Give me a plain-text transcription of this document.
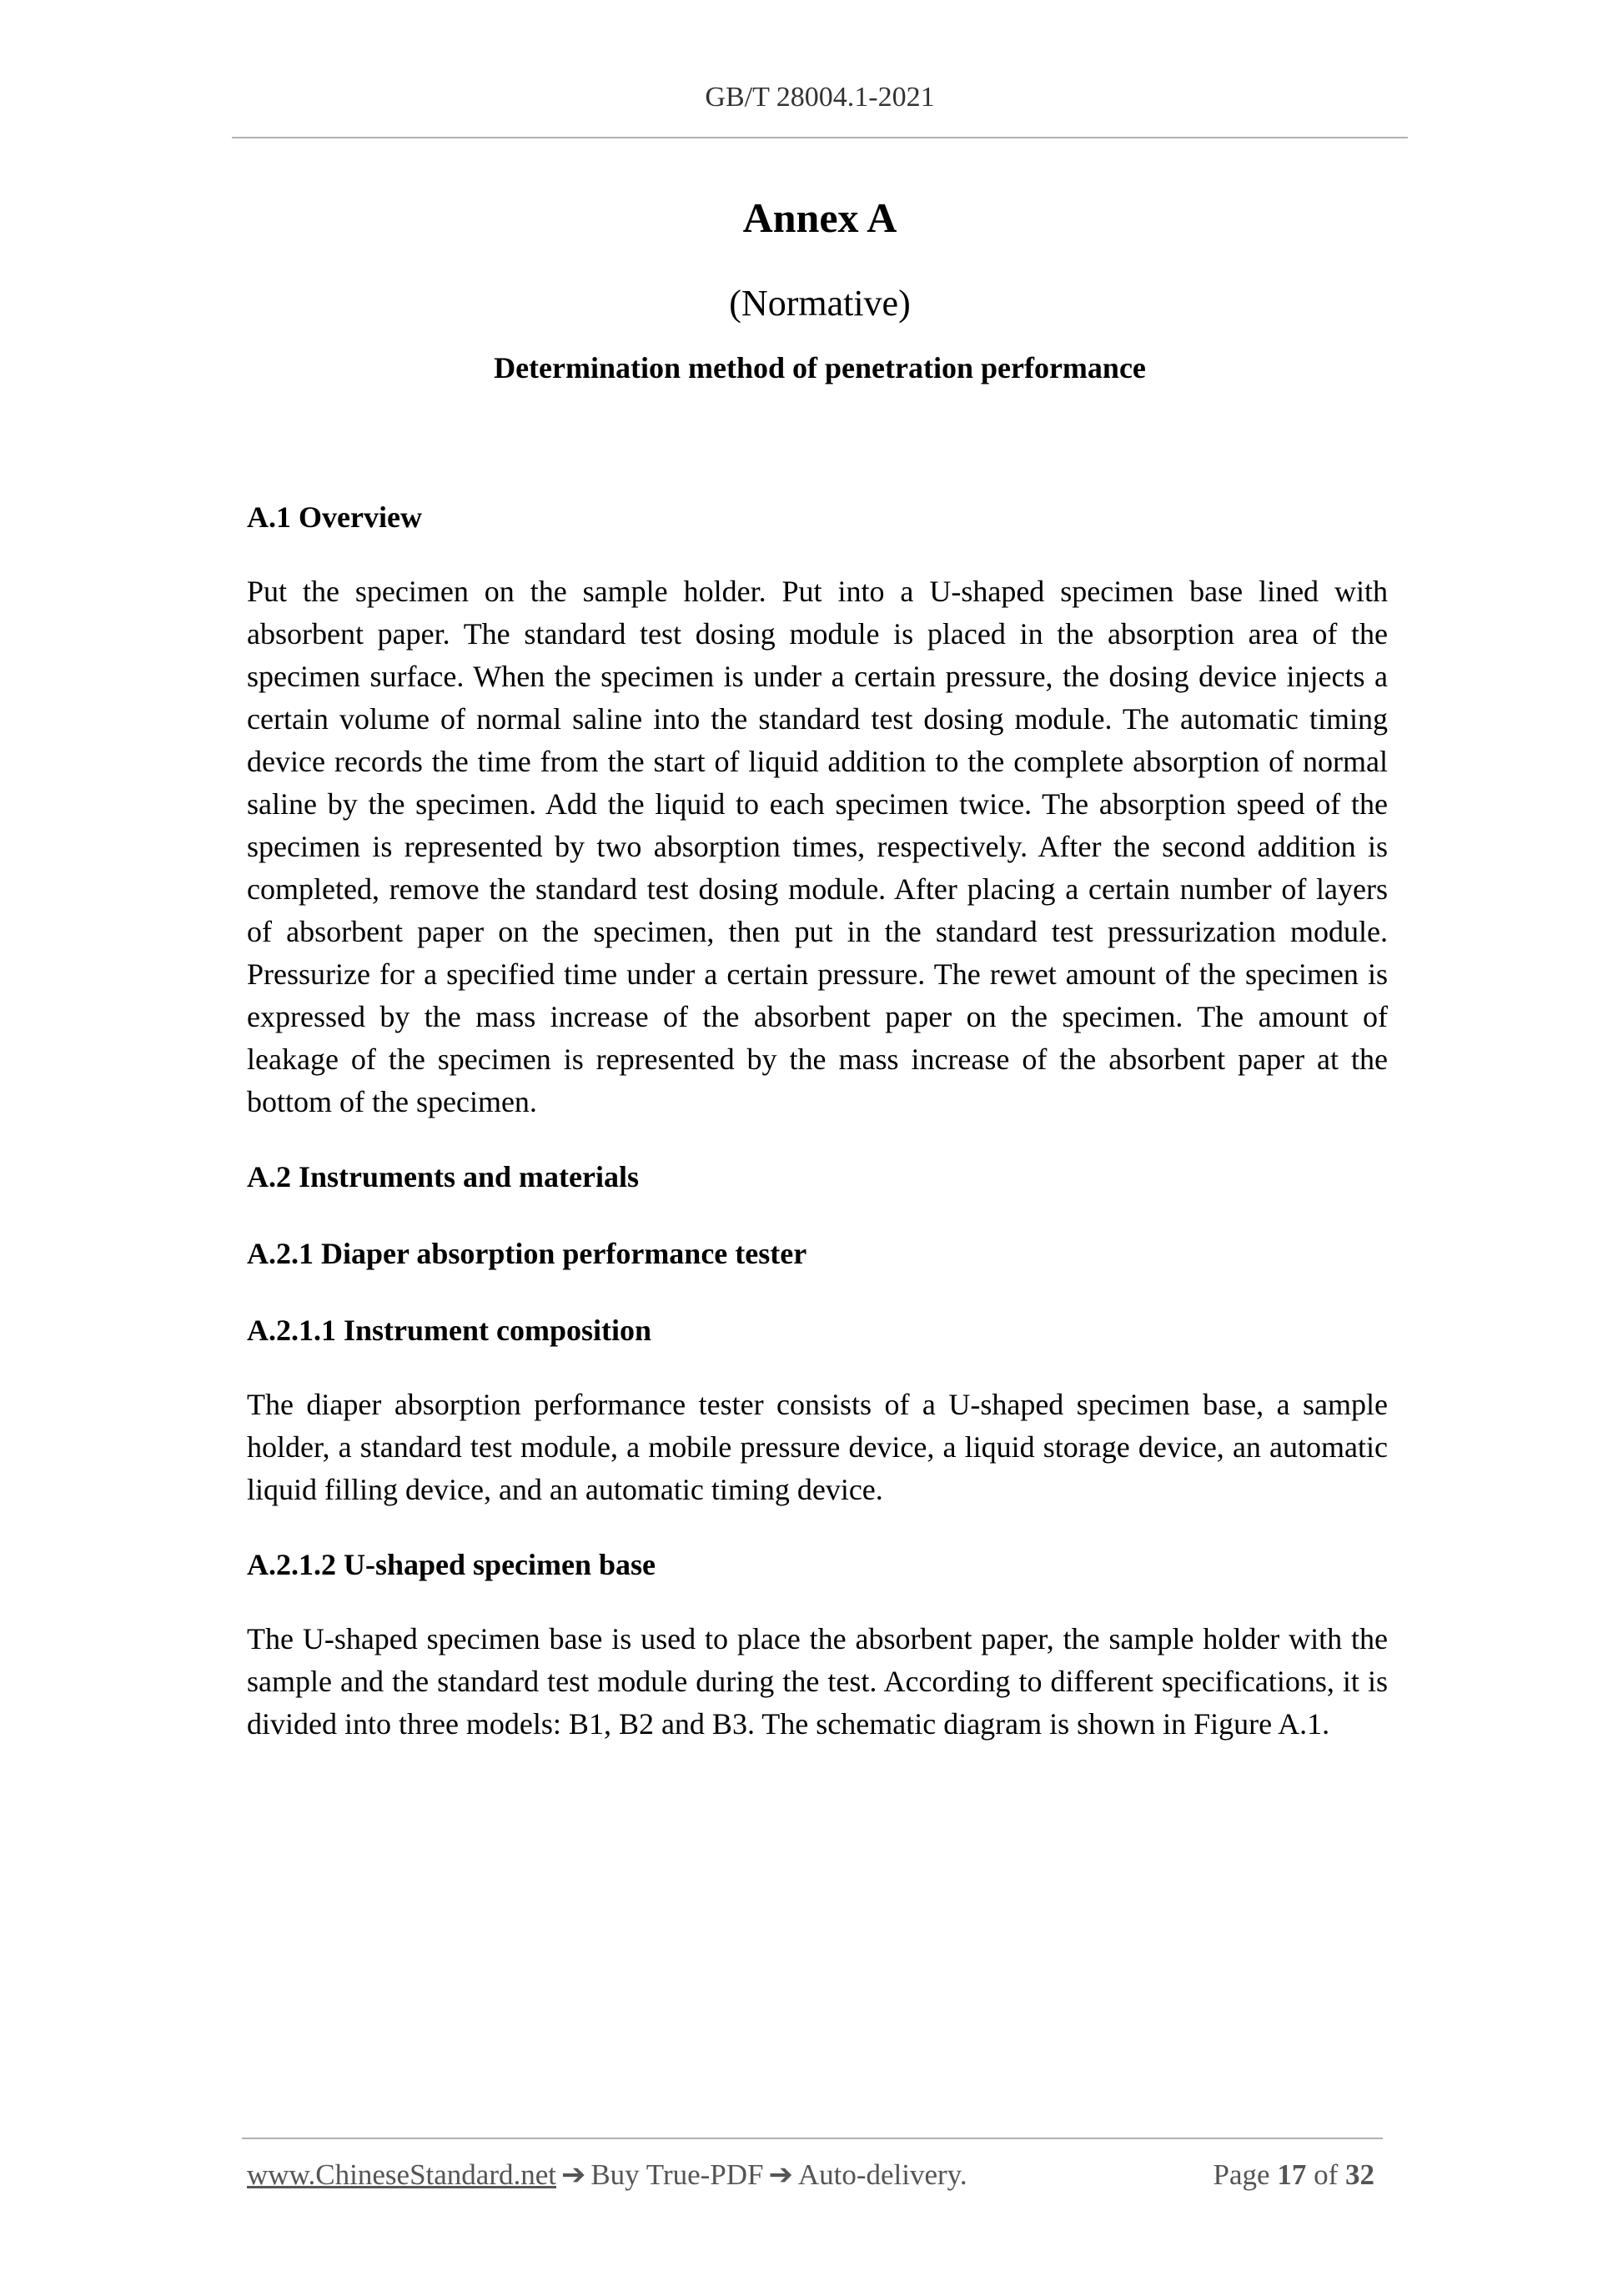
GB/T 28004.1-2021
Annex A
(Normative)
Determination method of penetration performance

A.1 Overview

Put the specimen on the sample holder. Put into a U-shaped specimen base lined with absorbent paper. The standard test dosing module is placed in the absorption area of the specimen surface. When the specimen is under a certain pressure, the dosing device injects a certain volume of normal saline into the standard test dosing module. The automatic timing device records the time from the start of liquid addition to the complete absorption of normal saline by the specimen. Add the liquid to each specimen twice. The absorption speed of the specimen is represented by two absorption times, respectively. After the second addition is completed, remove the standard test dosing module. After placing a certain number of layers of absorbent paper on the specimen, then put in the standard test pressurization module. Pressurize for a specified time under a certain pressure. The rewet amount of the specimen is expressed by the mass increase of the absorbent paper on the specimen. The amount of leakage of the specimen is represented by the mass increase of the absorbent paper at the bottom of the specimen.

A.2 Instruments and materials

A.2.1 Diaper absorption performance tester

A.2.1.1 Instrument composition

The diaper absorption performance tester consists of a U-shaped specimen base, a sample holder, a standard test module, a mobile pressure device, a liquid storage device, an automatic liquid filling device, and an automatic timing device.

A.2.1.2 U-shaped specimen base

The U-shaped specimen base is used to place the absorbent paper, the sample holder with the sample and the standard test module during the test. According to different specifications, it is divided into three models: B1, B2 and B3. The schematic diagram is shown in Figure A.1.

www.ChineseStandard.net ➔ Buy True-PDF ➔ Auto-delivery.	Page 17 of 32
